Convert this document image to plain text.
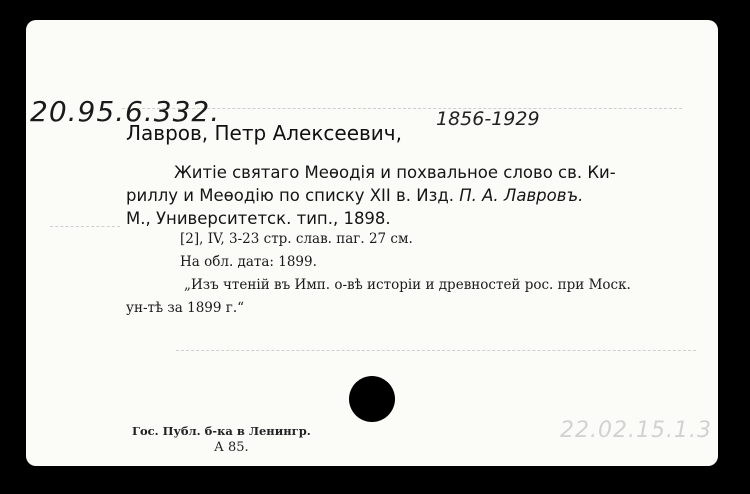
20.95.6.332.
Лавров, Петр Алексеевич,
1856-1929
Житіе святаго Меѳодія и похвальное слово св. Ки-
риллу и Меѳодію по списку XII в. Изд. П. А. Лавровъ.
М., Университетск. тип., 1898.
[2], IV, 3-23 стр. слав. паг. 27 см.
На обл. дата: 1899.
„Изъ чтеній въ Имп. о-вѣ исторіи и древностей рос. при Моск.
ун-тѣ за 1899 г.“
Гос. Публ. б-ка в Ленингр.
А 85.
22.02.15.1.3
